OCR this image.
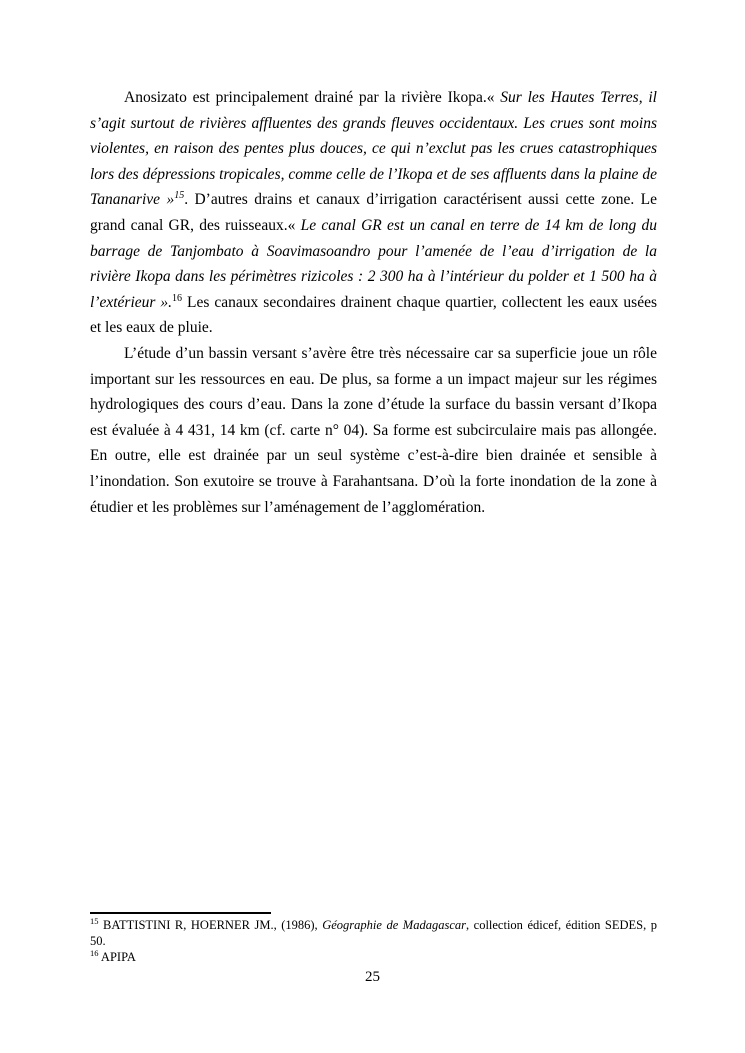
Anosizato est principalement drainé par la rivière Ikopa.« Sur les Hautes Terres, il s’agit surtout de rivières affluentes des grands fleuves occidentaux. Les crues sont moins violentes, en raison des pentes plus douces, ce qui n’exclut pas les crues catastrophiques lors des dépressions tropicales, comme celle de l’Ikopa et de ses affluents dans la plaine de Tananarive »$^{15}$. D’autres drains et canaux d’irrigation caractérisent aussi cette zone. Le grand canal GR, des ruisseaux.« Le canal GR est un canal en terre de 14 km de long du barrage de Tanjombato à Soavimasoandro pour l’amenée de l’eau d’irrigation de la rivière Ikopa dans les périmètres rizicoles : 2 300 ha à l’intérieur du polder et 1 500 ha à l’extérieur ».$^{16}$ Les canaux secondaires drainent chaque quartier, collectent les eaux usées et les eaux de pluie.

L’étude d’un bassin versant s’avère être très nécessaire car sa superficie joue un rôle important sur les ressources en eau. De plus, sa forme a un impact majeur sur les régimes hydrologiques des cours d’eau. Dans la zone d’étude la surface du bassin versant d’Ikopa est évaluée à 4 431, 14 km (cf. carte n° 04). Sa forme est subcirculaire mais pas allongée. En outre, elle est drainée par un seul système c’est-à-dire bien drainée et sensible à l’inondation. Son exutoire se trouve à Farahantsana. D’où la forte inondation de la zone à étudier et les problèmes sur l’aménagement de l’agglomération.

$^{15}$ BATTISTINI R, HOERNER JM., (1986), Géographie de Madagascar, collection édicef, édition SEDES, p 50.

$^{16}$ APIPA

25
